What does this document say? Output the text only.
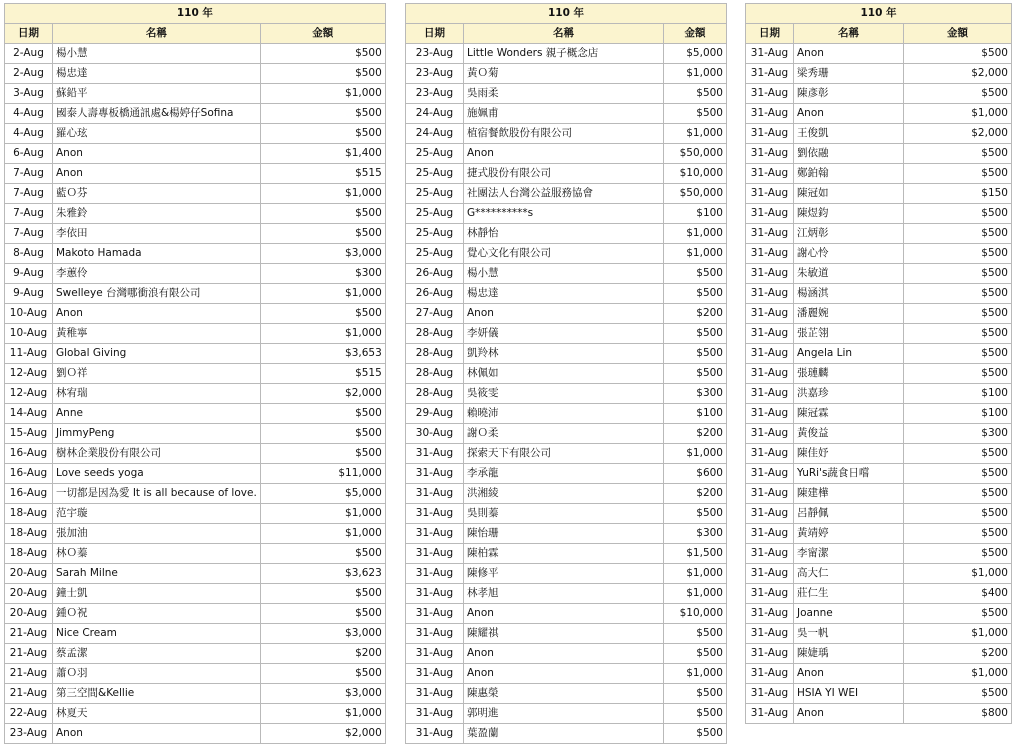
110 年		
日期	名稱	金額
2-Aug	楊小慧	$500
2-Aug	楊忠達	$500
3-Aug	蘇鉛平	$1,000
4-Aug	國泰人壽專板橋通訊處&楊婷仔Sofina	$500
4-Aug	羅心玹	$500
6-Aug	Anon	$1,400
7-Aug	Anon	$515
7-Aug	藍Ｏ芬	$1,000
7-Aug	朱雅鈴	$500
7-Aug	李依田	$500
8-Aug	Makoto Hamada	$3,000
9-Aug	李蕙伶	$300
9-Aug	Swelleye 台灣哪衝浪有限公司	$1,000
10-Aug	Anon	$500
10-Aug	黃稚寧	$1,000
11-Aug	Global Giving	$3,653
12-Aug	劉Ｏ祥	$515
12-Aug	林宥瑞	$2,000
14-Aug	Anne	$500
15-Aug	JimmyPeng	$500
16-Aug	樹林企業股份有限公司	$500
16-Aug	Love seeds yoga	$11,000
16-Aug	一切都是因為愛 It is all because of love.	$5,000
18-Aug	范宇璇	$1,000
18-Aug	張加油	$1,000
18-Aug	林Ｏ蓁	$500
20-Aug	Sarah Milne	$3,623
20-Aug	鐘士凱	$500
20-Aug	鍾Ｏ祝	$500
21-Aug	Nice Cream	$3,000
21-Aug	蔡孟潔	$200
21-Aug	蕭Ｏ羽	$500
21-Aug	第三空間&Kellie	$3,000
22-Aug	林夏天	$1,000
23-Aug	Anon	$2,000
110 年		
日期	名稱	金額
23-Aug	Little Wonders 親子概念店	$5,000
23-Aug	黃Ｏ菊	$1,000
23-Aug	吳雨柔	$500
24-Aug	施姵甫	$500
24-Aug	植宿餐飲股份有限公司	$1,000
25-Aug	Anon	$50,000
25-Aug	捷式股份有限公司	$10,000
25-Aug	社團法人台灣公益服務協會	$50,000
25-Aug	G**********s	$100
25-Aug	林靜怡	$1,000
25-Aug	覺心文化有限公司	$1,000
26-Aug	楊小慧	$500
26-Aug	楊忠達	$500
27-Aug	Anon	$200
28-Aug	李妍儀	$500
28-Aug	凱羚林	$500
28-Aug	林佩如	$500
28-Aug	吳筱雯	$300
29-Aug	賴曉沛	$100
30-Aug	謝Ｏ柔	$200
31-Aug	探索天下有限公司	$1,000
31-Aug	李承龍	$600
31-Aug	洪湘綾	$200
31-Aug	吳則蓁	$500
31-Aug	陳怡珊	$300
31-Aug	陳柏霖	$1,500
31-Aug	陳修平	$1,000
31-Aug	林孝旭	$1,000
31-Aug	Anon	$10,000
31-Aug	陳耀祺	$500
31-Aug	Anon	$500
31-Aug	Anon	$1,000
31-Aug	陳惠榮	$500
31-Aug	郭明進	$500
31-Aug	葉盈蘭	$500
110 年		
日期	名稱	金額
31-Aug	Anon	$500
31-Aug	梁秀珊	$2,000
31-Aug	陳彥彰	$500
31-Aug	Anon	$1,000
31-Aug	王俊凱	$2,000
31-Aug	劉依融	$500
31-Aug	鄭鉑翰	$500
31-Aug	陳冠如	$150
31-Aug	陳煜鈞	$500
31-Aug	江炳彰	$500
31-Aug	謝心怜	$500
31-Aug	朱敏道	$500
31-Aug	楊涵淇	$500
31-Aug	潘麗婉	$500
31-Aug	張芷翎	$500
31-Aug	Angela Lin	$500
31-Aug	張璉麟	$500
31-Aug	洪嘉珍	$100
31-Aug	陳冠霖	$100
31-Aug	黃俊益	$300
31-Aug	陳佳妤	$500
31-Aug	YuRi's蔬食日嚐	$500
31-Aug	陳建樺	$500
31-Aug	呂靜佩	$500
31-Aug	黃靖婷	$500
31-Aug	李甯潔	$500
31-Aug	高大仁	$1,000
31-Aug	莊仁生	$400
31-Aug	Joanne	$500
31-Aug	吳一帆	$1,000
31-Aug	陳婕瑀	$200
31-Aug	Anon	$1,000
31-Aug	HSIA YI WEI	$500
31-Aug	Anon	$800
